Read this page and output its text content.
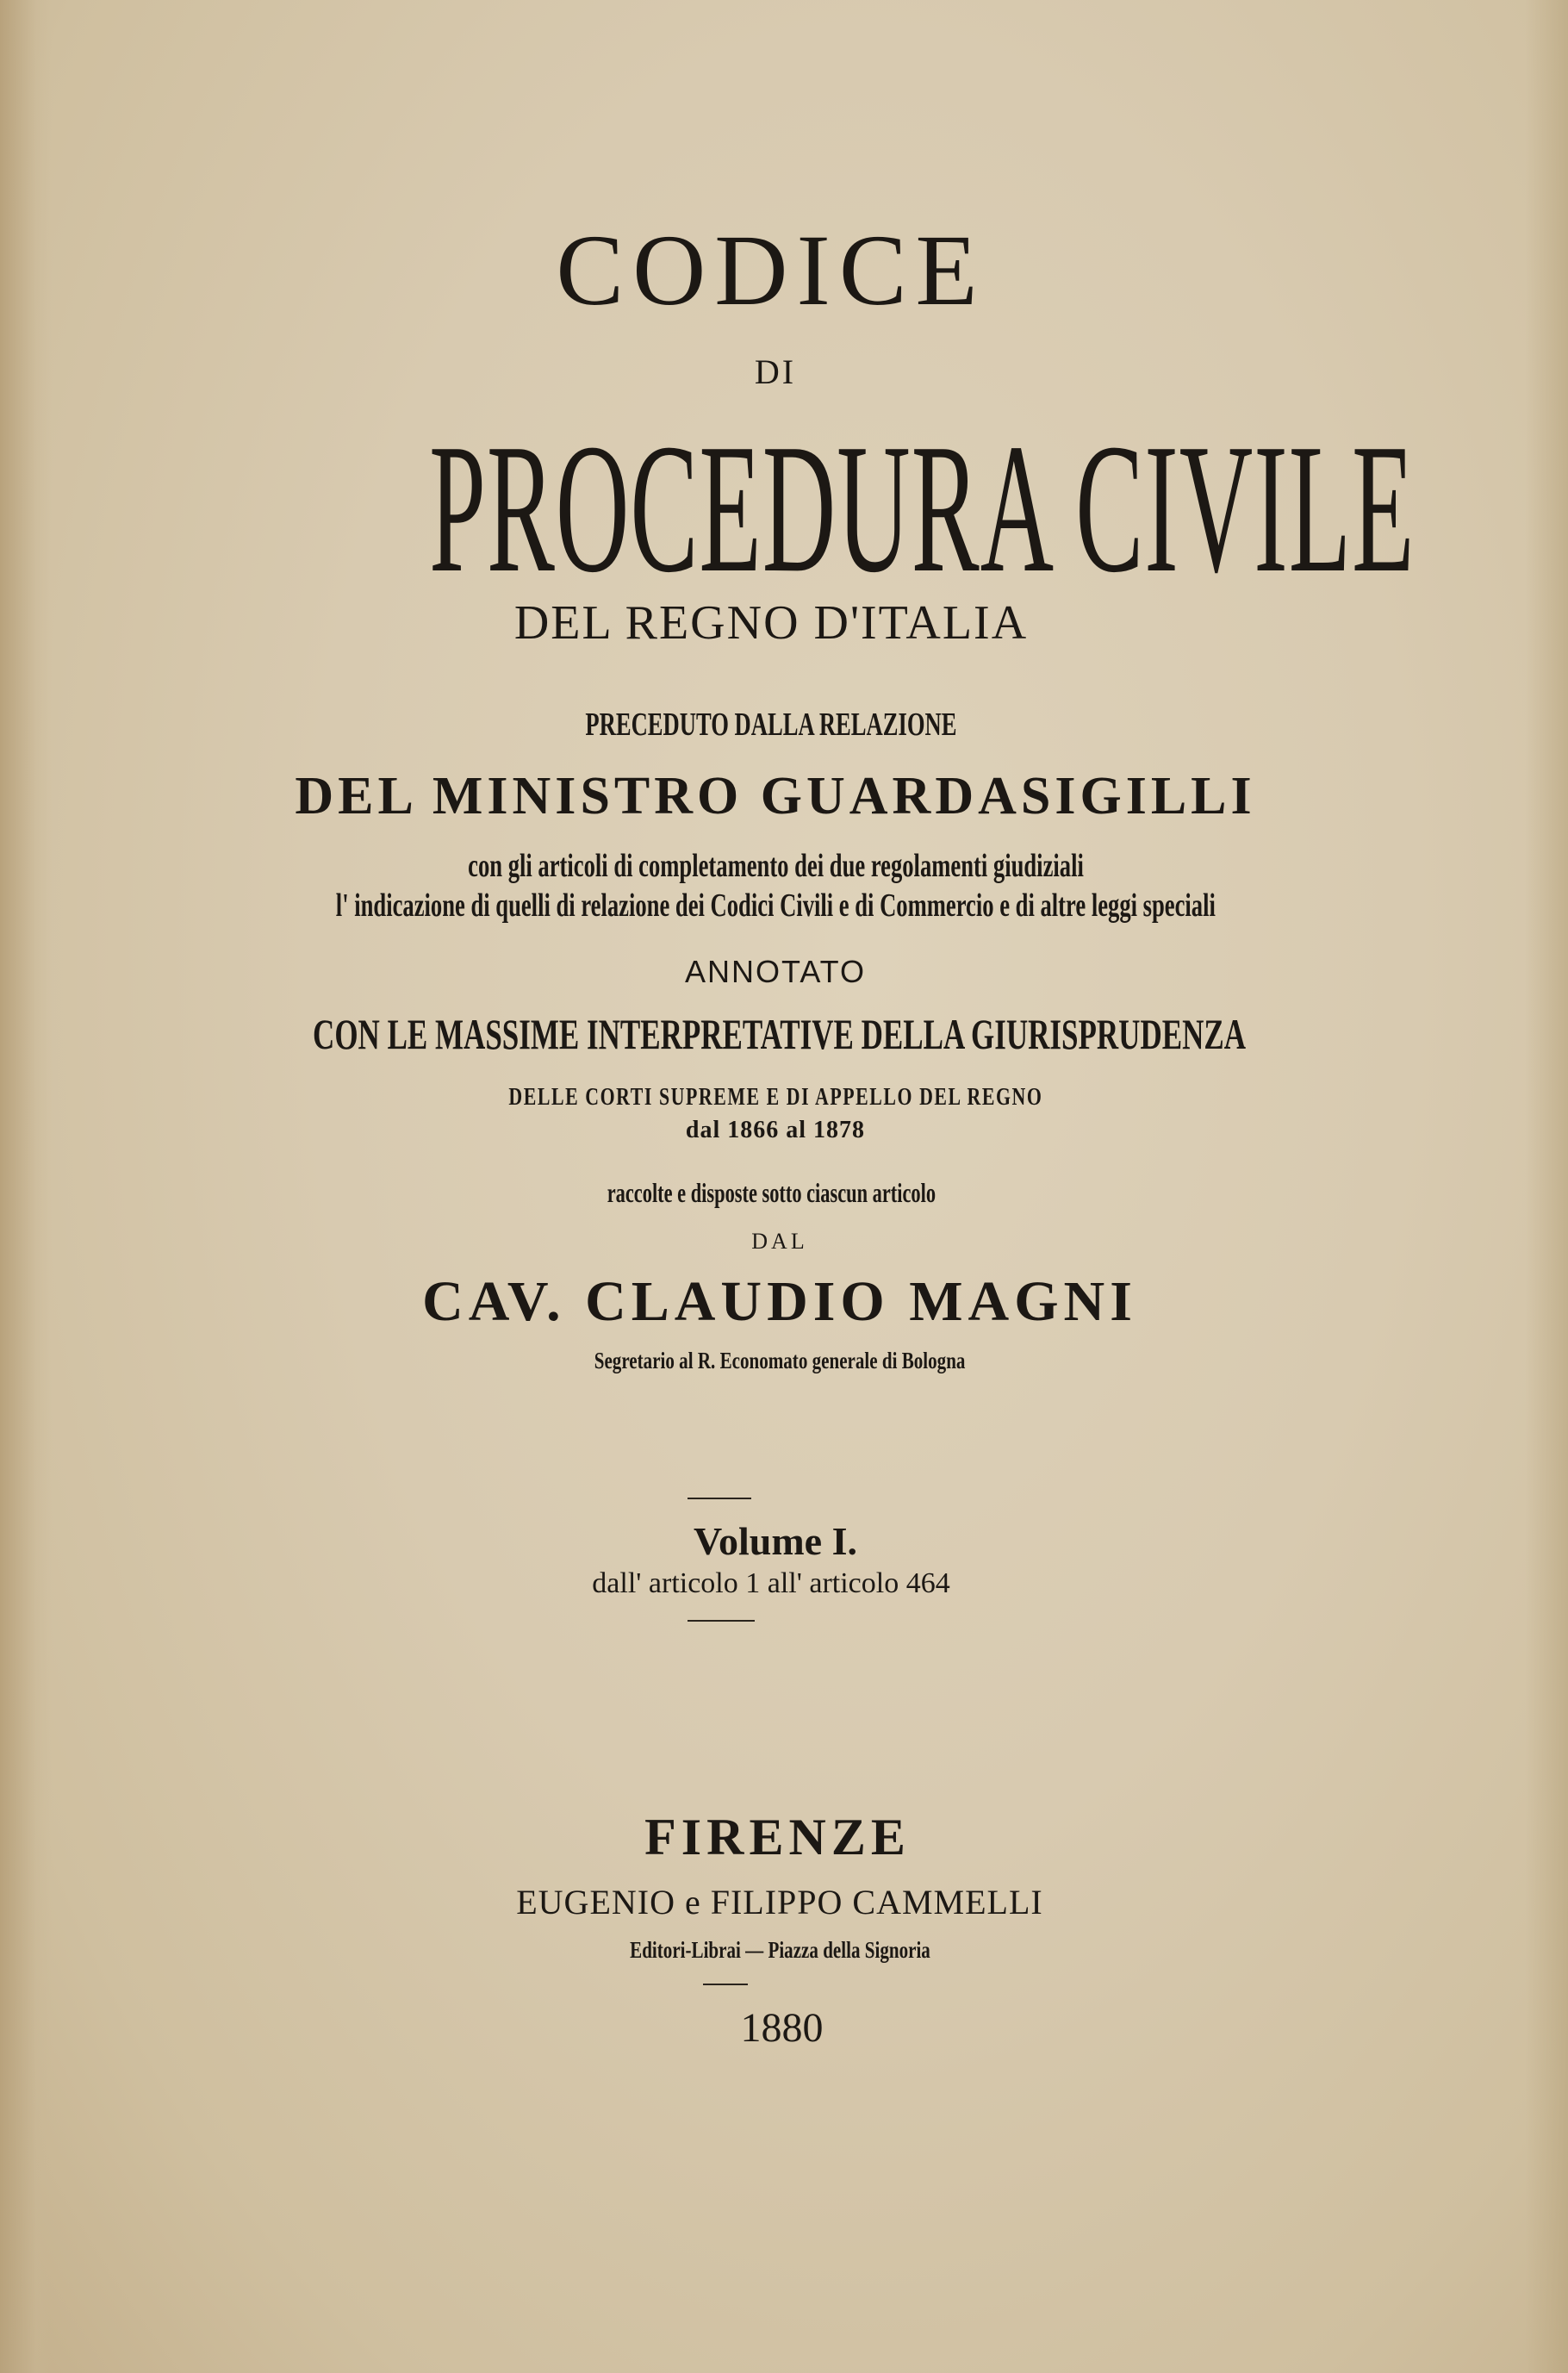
CODICE
DI
PROCEDURA CIVILE
DEL REGNO D'ITALIA
PRECEDUTO DALLA RELAZIONE
DEL MINISTRO GUARDASIGILLI
con gli articoli di completamento dei due regolamenti giudiziali
l' indicazione di quelli di relazione dei Codici Civili e di Commercio e di altre leggi speciali
ANNOTATO
CON LE MASSIME INTERPRETATIVE DELLA GIURISPRUDENZA
DELLE CORTI SUPREME E DI APPELLO DEL REGNO
dal 1866 al 1878
raccolte e disposte sotto ciascun articolo
DAL
CAV. CLAUDIO MAGNI
Segretario al R. Economato generale di Bologna
Volume I.
dall' articolo 1 all' articolo 464
FIRENZE
EUGENIO e FILIPPO CAMMELLI
Editori-Librai — Piazza della Signoria
1880
